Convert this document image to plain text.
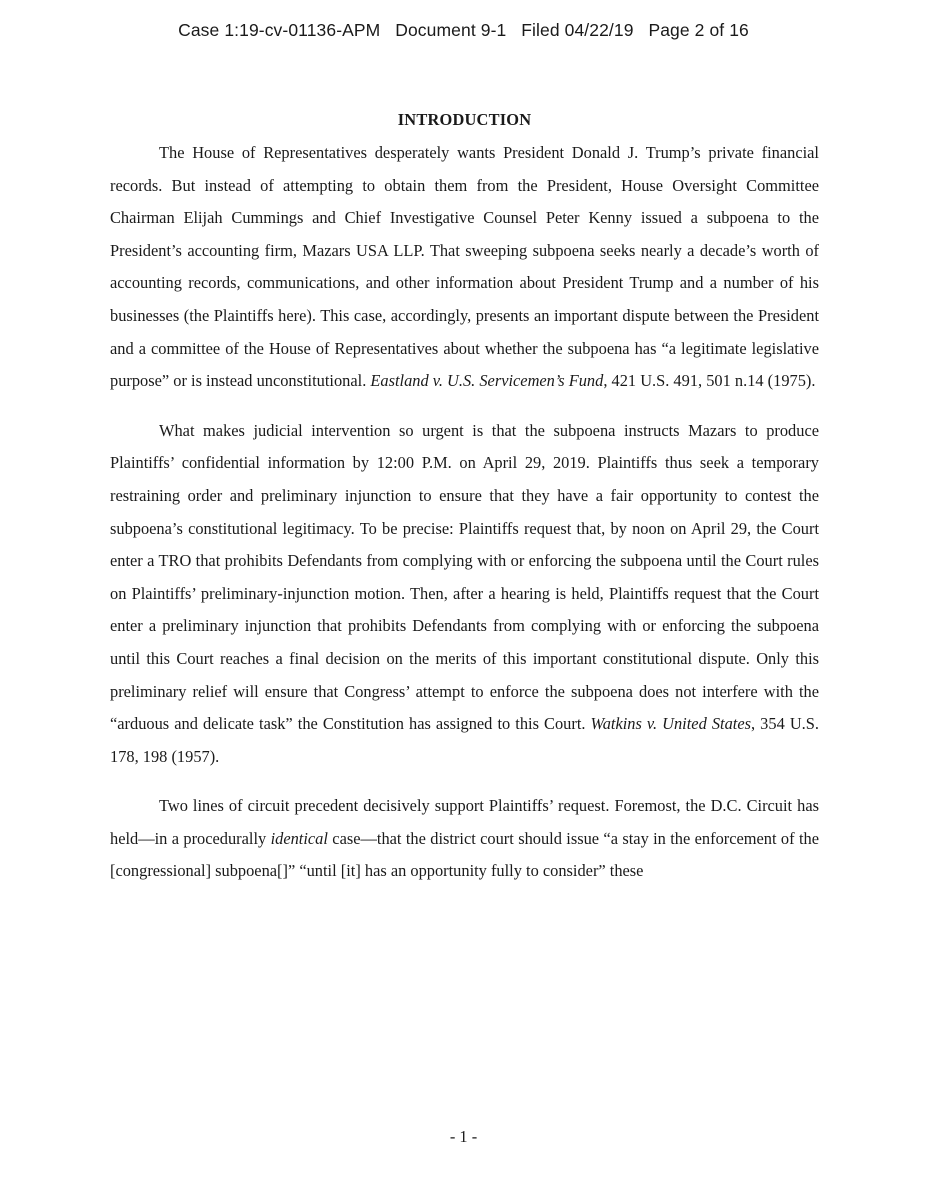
Case 1:19-cv-01136-APM   Document 9-1   Filed 04/22/19   Page 2 of 16
INTRODUCTION

The House of Representatives desperately wants President Donald J. Trump’s private financial records. But instead of attempting to obtain them from the President, House Oversight Committee Chairman Elijah Cummings and Chief Investigative Counsel Peter Kenny issued a subpoena to the President’s accounting firm, Mazars USA LLP. That sweeping subpoena seeks nearly a decade’s worth of accounting records, communications, and other information about President Trump and a number of his businesses (the Plaintiffs here). This case, accordingly, presents an important dispute between the President and a committee of the House of Representatives about whether the subpoena has “a legitimate legislative purpose” or is instead unconstitutional. Eastland v. U.S. Servicemen’s Fund, 421 U.S. 491, 501 n.14 (1975).

What makes judicial intervention so urgent is that the subpoena instructs Mazars to produce Plaintiffs’ confidential information by 12:00 P.M. on April 29, 2019. Plaintiffs thus seek a temporary restraining order and preliminary injunction to ensure that they have a fair opportunity to contest the subpoena’s constitutional legitimacy. To be precise: Plaintiffs request that, by noon on April 29, the Court enter a TRO that prohibits Defendants from complying with or enforcing the subpoena until the Court rules on Plaintiffs’ preliminary-injunction motion. Then, after a hearing is held, Plaintiffs request that the Court enter a preliminary injunction that prohibits Defendants from complying with or enforcing the subpoena until this Court reaches a final decision on the merits of this important constitutional dispute. Only this preliminary relief will ensure that Congress’ attempt to enforce the subpoena does not interfere with the “arduous and delicate task” the Constitution has assigned to this Court. Watkins v. United States, 354 U.S. 178, 198 (1957).

Two lines of circuit precedent decisively support Plaintiffs’ request. Foremost, the D.C. Circuit has held—in a procedurally identical case—that the district court should issue “a stay in the enforcement of the [congressional] subpoena[]” “until [it] has an opportunity fully to consider” these

- 1 -
